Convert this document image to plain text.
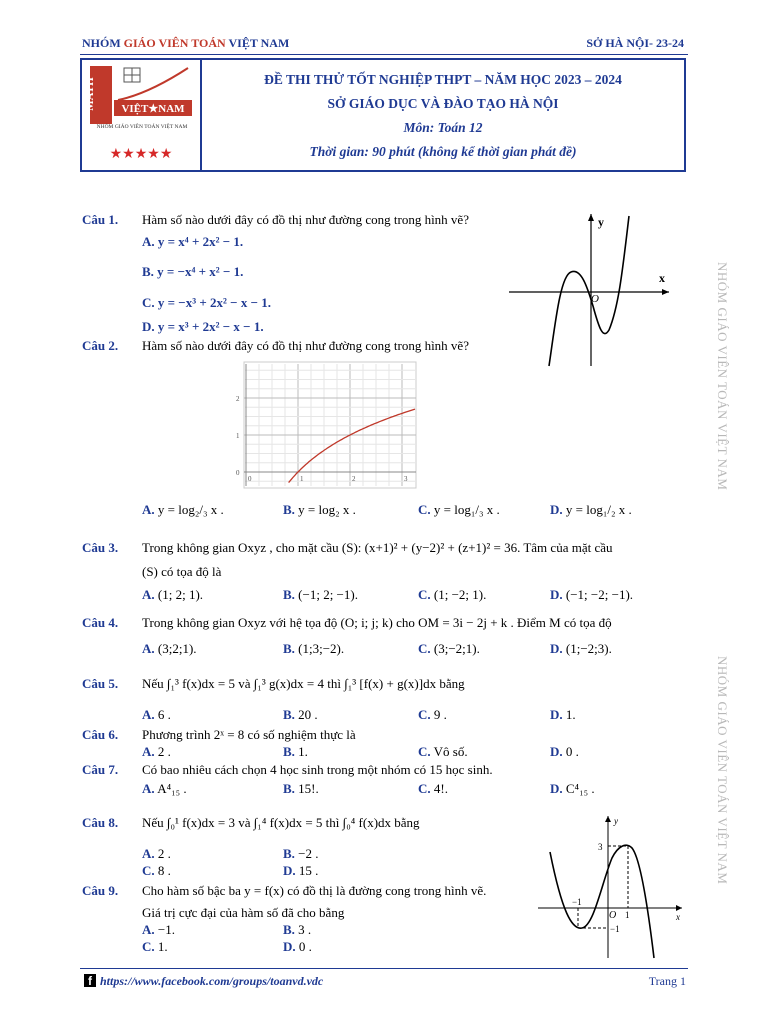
NHÓM GIÁO VIÊN TOÁN VIỆT NAM	SỞ HÀ NỘI- 23-24
MATH VIỆT★NAM
NHÓM GIÁO VIÊN TOÁN VIỆT NAM
★★★★★
ĐỀ THI THỬ TỐT NGHIỆP THPT – NĂM HỌC 2023 – 2024
SỞ GIÁO DỤC VÀ ĐÀO TẠO HÀ NỘI
Môn: Toán 12
Thời gian: 90 phút (không kể thời gian phát đề)
NHÓM GIÁO VIÊN TOÁN VIỆT NAM
NHÓM GIÁO VIÊN TOÁN VIỆT NAM
Câu 1. Hàm số nào dưới đây có đồ thị như đường cong trong hình vẽ?
A. y = x⁴ + 2x² − 1.
B. y = −x⁴ + x² − 1.
C. y = −x³ + 2x² − x − 1.
D. y = x³ + 2x² − x − 1.
x
y
O
Câu 2. Hàm số nào dưới đây có đồ thị như đường cong trong hình vẽ?
0	1	2	3
2
1
0
A. y = log₂/₃ x .	B. y = log₂ x .	C. y = log₁/₃ x .	D. y = log₁/₂ x .
Câu 3. Trong không gian Oxyz , cho mặt cầu (S): (x+1)² + (y−2)² + (z+1)² = 36. Tâm của mặt cầu
(S) có tọa độ là
A. (1; 2; 1).	B. (−1; 2; −1).	C. (1; −2; 1).	D. (−1; −2; −1).
Câu 4. Trong không gian Oxyz với hệ tọa độ (O; i; j; k) cho OM = 3i − 2j + k . Điểm M có tọa độ
A. (3;2;1).	B. (1;3;−2).	C. (3;−2;1).	D. (1;−2;3).
Câu 5. Nếu ∫₁³ f(x)dx = 5 và ∫₁³ g(x)dx = 4 thì ∫₁³ [f(x) + g(x)]dx bằng
A. 6 .	B. 20 .	C. 9 .	D. 1.
Câu 6. Phương trình 2ˣ = 8 có số nghiệm thực là
A. 2 .	B. 1.	C. Vô số.	D. 0 .
Câu 7. Có bao nhiêu cách chọn 4 học sinh trong một nhóm có 15 học sinh.
A. A⁴₁₅ .	B. 15!.	C. 4!.	D. C⁴₁₅ .
Câu 8. Nếu ∫₀¹ f(x)dx = 3 và ∫₁⁴ f(x)dx = 5 thì ∫₀⁴ f(x)dx bằng
A. 2 .	B. −2 .
C. 8 .	D. 15 .
Câu 9. Cho hàm số bậc ba y = f(x) có đồ thị là đường cong trong hình vẽ.
Giá trị cực đại của hàm số đã cho bằng
A. −1.	B. 3 .
C. 1.	D. 0 .
x
y
O
3
−1
1
−1
f https://www.facebook.com/groups/toanvd.vdc	Trang 1
